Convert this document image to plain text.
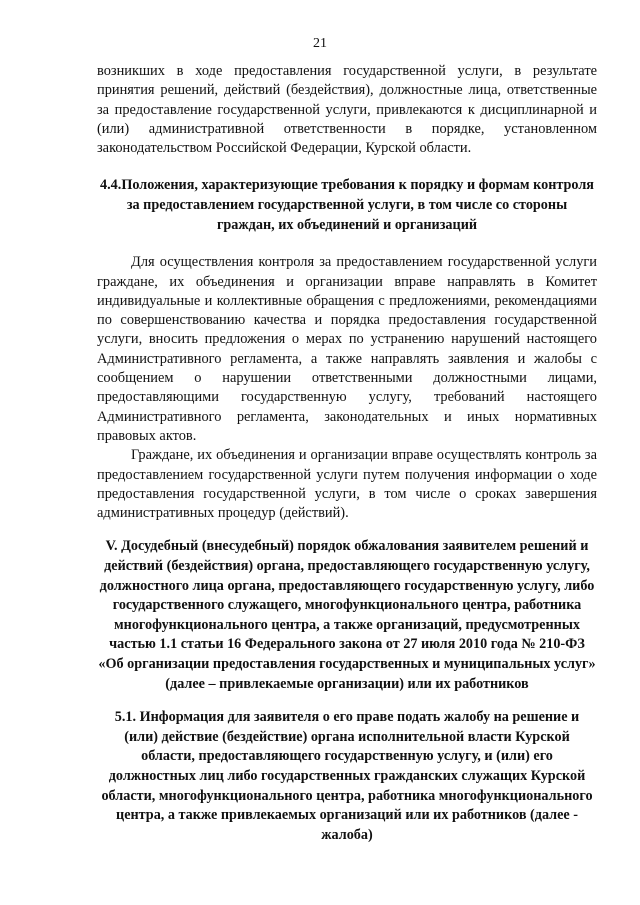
21

возникших в ходе предоставления государственной услуги, в результате принятия решений, действий (бездействия), должностные лица, ответственные за предоставление государственной услуги, привлекаются к дисциплинарной и (или) административной ответственности в порядке, установленном законодательством Российской Федерации, Курской области.

4.4.Положения, характеризующие требования к порядку и формам контроля за предоставлением государственной услуги, в том числе со стороны граждан, их объединений и организаций

Для осуществления контроля за предоставлением государственной услуги граждане, их объединения и организации вправе направлять в Комитет индивидуальные и коллективные обращения с предложениями, рекомендациями по совершенствованию качества и порядка предоставления государственной услуги, вносить предложения о мерах по устранению нарушений настоящего Административного регламента, а также направлять заявления и жалобы с сообщением о нарушении ответственными должностными лицами, предоставляющими государственную услугу, требований настоящего Административного регламента, законодательных и иных нормативных правовых актов.

Граждане, их объединения и организации вправе осуществлять контроль за предоставлением государственной услуги путем получения информации о ходе предоставления государственной услуги, в том числе о сроках завершения административных процедур (действий).

V. Досудебный (внесудебный) порядок обжалования заявителем решений и действий (бездействия) органа, предоставляющего государственную услугу, должностного лица органа, предоставляющего государственную услугу, либо государственного служащего, многофункционального центра, работника многофункционального центра, а также организаций, предусмотренных частью 1.1 статьи 16 Федерального закона от 27 июля 2010 года № 210-ФЗ «Об организации предоставления государственных и муниципальных услуг» (далее – привлекаемые организации) или их работников

5.1. Информация для заявителя о его праве подать жалобу на решение и (или) действие (бездействие) органа исполнительной власти Курской области, предоставляющего государственную услугу, и (или) его должностных лиц либо государственных гражданских служащих Курской области, многофункционального центра, работника многофункционального центра, а также привлекаемых организаций или их работников (далее - жалоба)
